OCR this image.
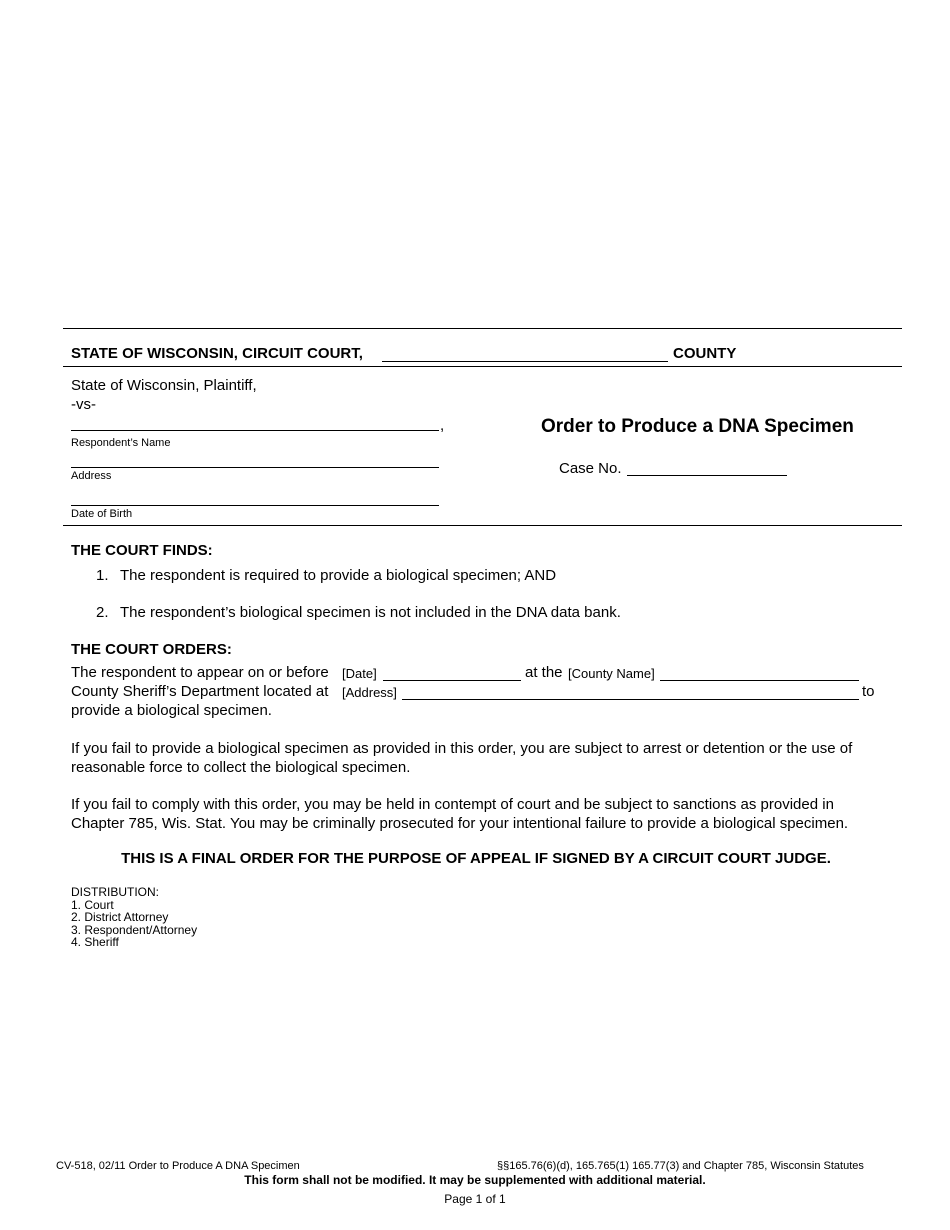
STATE OF WISCONSIN, CIRCUIT COURT,	COUNTY
State of Wisconsin, Plaintiff,
-vs-
,
Respondent’s Name
Address
Date of Birth
Order to Produce a DNA Specimen
Case No.
THE COURT FINDS:
1. The respondent is required to provide a biological specimen; AND
2. The respondent’s biological specimen is not included in the DNA data bank.
THE COURT ORDERS:
The respondent to appear on or before [Date]	at the [County Name]
County Sheriff’s Department located at [Address]	to
provide a biological specimen.
If you fail to provide a biological specimen as provided in this order, you are subject to arrest or detention or the use of reasonable force to collect the biological specimen.
If you fail to comply with this order, you may be held in contempt of court and be subject to sanctions as provided in Chapter 785, Wis. Stat. You may be criminally prosecuted for your intentional failure to provide a biological specimen.
THIS IS A FINAL ORDER FOR THE PURPOSE OF APPEAL IF SIGNED BY A CIRCUIT COURT JUDGE.
DISTRIBUTION:
1. Court
2. District Attorney
3. Respondent/Attorney
4. Sheriff
CV-518, 02/11 Order to Produce A DNA Specimen	§§165.76(6)(d), 165.765(1) 165.77(3) and Chapter 785, Wisconsin Statutes
This form shall not be modified. It may be supplemented with additional material.
Page 1 of 1
